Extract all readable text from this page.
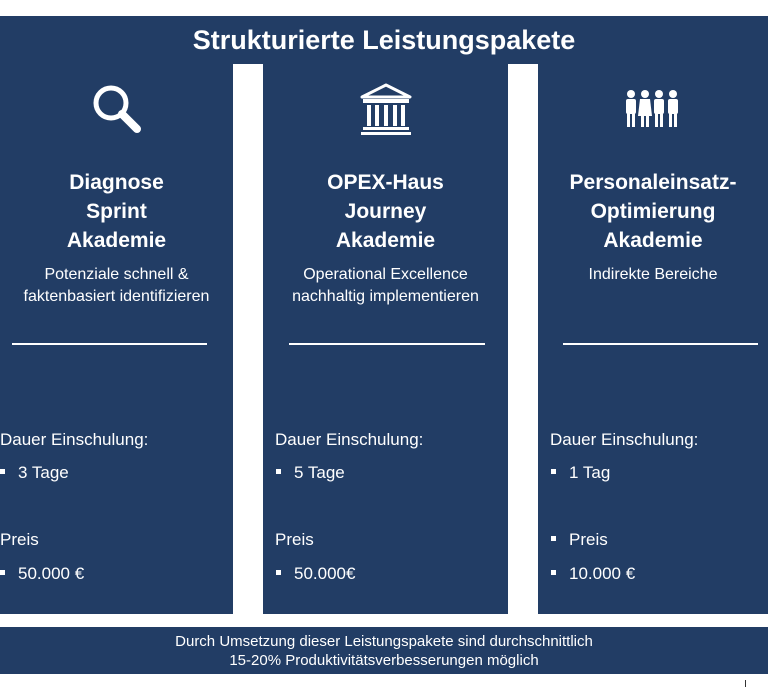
Strukturierte Leistungspakete
Diagnose
Sprint
Akademie
Potenziale schnell &
faktenbasiert identifizieren
Dauer Einschulung:
3 Tage
Preis
50.000 €
OPEX-Haus
Journey
Akademie
Operational Excellence
nachhaltig implementieren
Dauer Einschulung:
5 Tage
Preis
50.000€
Personaleinsatz-
Optimierung
Akademie
Indirekte Bereiche
Dauer Einschulung:
1 Tag
Preis
10.000 €
Durch Umsetzung dieser Leistungspakete sind durchschnittlich
15-20% Produktivitätsverbesserungen möglich
